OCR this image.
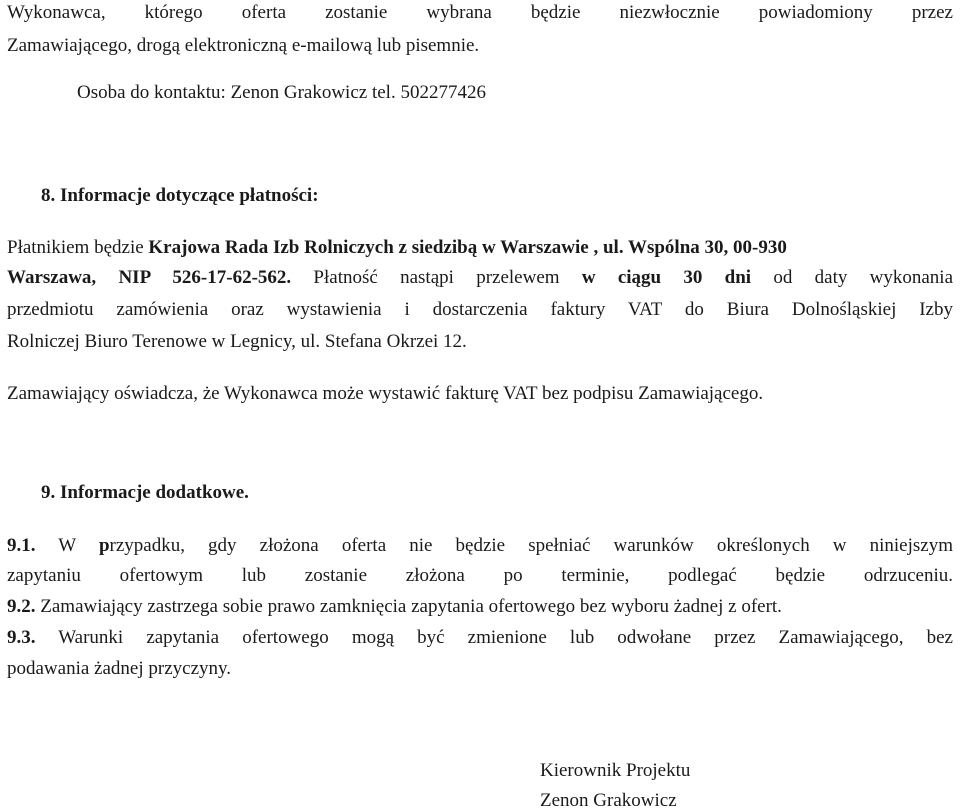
Wykonawca, którego oferta zostanie wybrana będzie niezwłocznie powiadomiony przez
Zamawiającego, drogą elektroniczną e-mailową lub pisemnie.
Osoba do kontaktu: Zenon Grakowicz tel. 502277426
8. Informacje dotyczące płatności:
Płatnikiem będzie Krajowa Rada Izb Rolniczych z siedzibą w Warszawie , ul. Wspólna 30, 00-930
Warszawa, NIP 526-17-62-562. Płatność nastąpi przelewem w ciągu 30 dni od daty wykonania
przedmiotu zamówienia oraz wystawienia i dostarczenia faktury VAT do Biura Dolnośląskiej Izby
Rolniczej Biuro Terenowe w Legnicy, ul. Stefana Okrzei 12.
Zamawiający oświadcza, że Wykonawca może wystawić fakturę VAT bez podpisu Zamawiającego.
9. Informacje dodatkowe.
9.1. W przypadku, gdy złożona oferta nie będzie spełniać warunków określonych w niniejszym
zapytaniu ofertowym lub zostanie złożona po terminie, podlegać będzie odrzuceniu.
9.2. Zamawiający zastrzega sobie prawo zamknięcia zapytania ofertowego bez wyboru żadnej z ofert.
9.3. Warunki zapytania ofertowego mogą być zmienione lub odwołane przez Zamawiającego, bez
podawania żadnej przyczyny.
Kierownik Projektu
Zenon Grakowicz
